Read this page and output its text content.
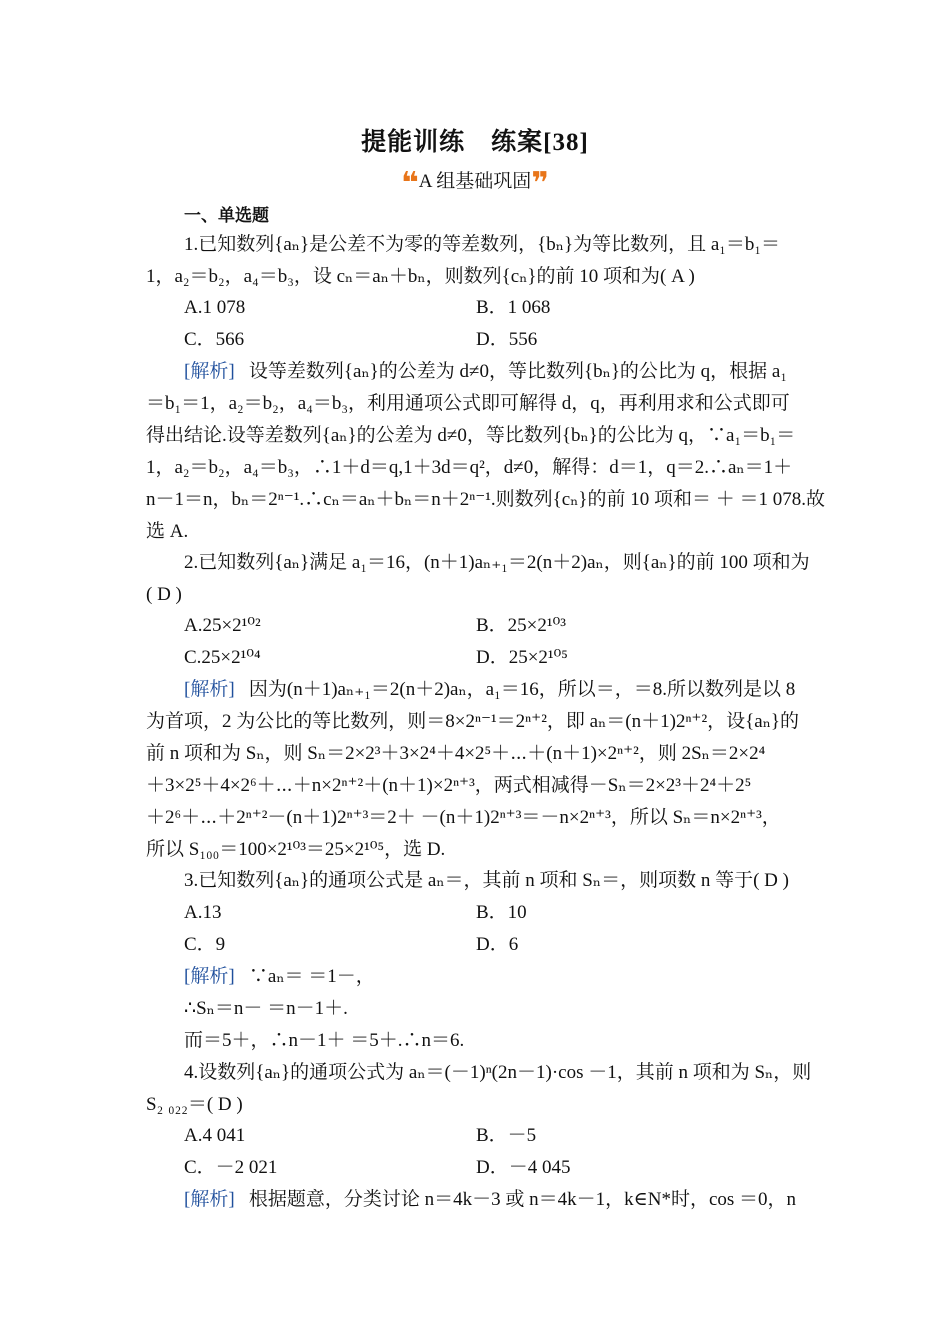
提能训练 练案[38]
❝A 组基础巩固❞
一、单选题
1.已知数列{aₙ}是公差不为零的等差数列，{bₙ}为等比数列，且 a₁＝b₁＝
1，a₂＝b₂，a₄＝b₃，设 cₙ＝aₙ＋bₙ，则数列{cₙ}的前 10 项和为( A )
A.1 078	B．1 068
C．566	D．556
[解析] 设等差数列{aₙ}的公差为 d≠0，等比数列{bₙ}的公比为 q，根据 a₁
＝b₁＝1，a₂＝b₂，a₄＝b₃，利用通项公式即可解得 d，q，再利用求和公式即可
得出结论.设等差数列{aₙ}的公差为 d≠0，等比数列{bₙ}的公比为 q，∵a₁＝b₁＝
1，a₂＝b₂，a₄＝b₃，∴1＋d＝q,1＋3d＝q²，d≠0，解得：d＝1，q＝2.∴aₙ＝1＋
n－1＝n，bₙ＝2ⁿ⁻¹.∴cₙ＝aₙ＋bₙ＝n＋2ⁿ⁻¹.则数列{cₙ}的前 10 项和＝ ＋ ＝1 078.故
选 A.
2.已知数列{aₙ}满足 a₁＝16，(n＋1)aₙ₊₁＝2(n＋2)aₙ，则{aₙ}的前 100 项和为
( D )
A.25×2¹⁰²	B．25×2¹⁰³
C.25×2¹⁰⁴	D．25×2¹⁰⁵
[解析] 因为(n＋1)aₙ₊₁＝2(n＋2)aₙ，a₁＝16，所以＝，＝8.所以数列是以 8
为首项，2 为公比的等比数列，则＝8×2ⁿ⁻¹＝2ⁿ⁺²，即 aₙ＝(n＋1)2ⁿ⁺²，设{aₙ}的
前 n 项和为 Sₙ，则 Sₙ＝2×2³＋3×2⁴＋4×2⁵＋⋯＋(n＋1)×2ⁿ⁺²，则 2Sₙ＝2×2⁴
＋3×2⁵＋4×2⁶＋⋯＋n×2ⁿ⁺²＋(n＋1)×2ⁿ⁺³，两式相减得－Sₙ＝2×2³＋2⁴＋2⁵
＋2⁶＋⋯＋2ⁿ⁺²－(n＋1)2ⁿ⁺³＝2＋ －(n＋1)2ⁿ⁺³＝－n×2ⁿ⁺³，所以 Sₙ＝n×2ⁿ⁺³，
所以 S₁₀₀＝100×2¹⁰³＝25×2¹⁰⁵，选 D.
3.已知数列{aₙ}的通项公式是 aₙ＝，其前 n 项和 Sₙ＝，则项数 n 等于( D )
A.13	B．10
C．9	D．6
[解析] ∵aₙ＝ ＝1－，
∴Sₙ＝n－ ＝n－1＋.
而＝5＋，∴n－1＋ ＝5＋.∴n＝6.
4.设数列{aₙ}的通项公式为 aₙ＝(－1)ⁿ(2n－1)·cos －1，其前 n 项和为 Sₙ，则
S₂ ₀₂₂＝( D )
A.4 041	B．－5
C．－2 021	D．－4 045
[解析] 根据题意，分类讨论 n＝4k－3 或 n＝4k－1，k∈N*时，cos ＝0，n
